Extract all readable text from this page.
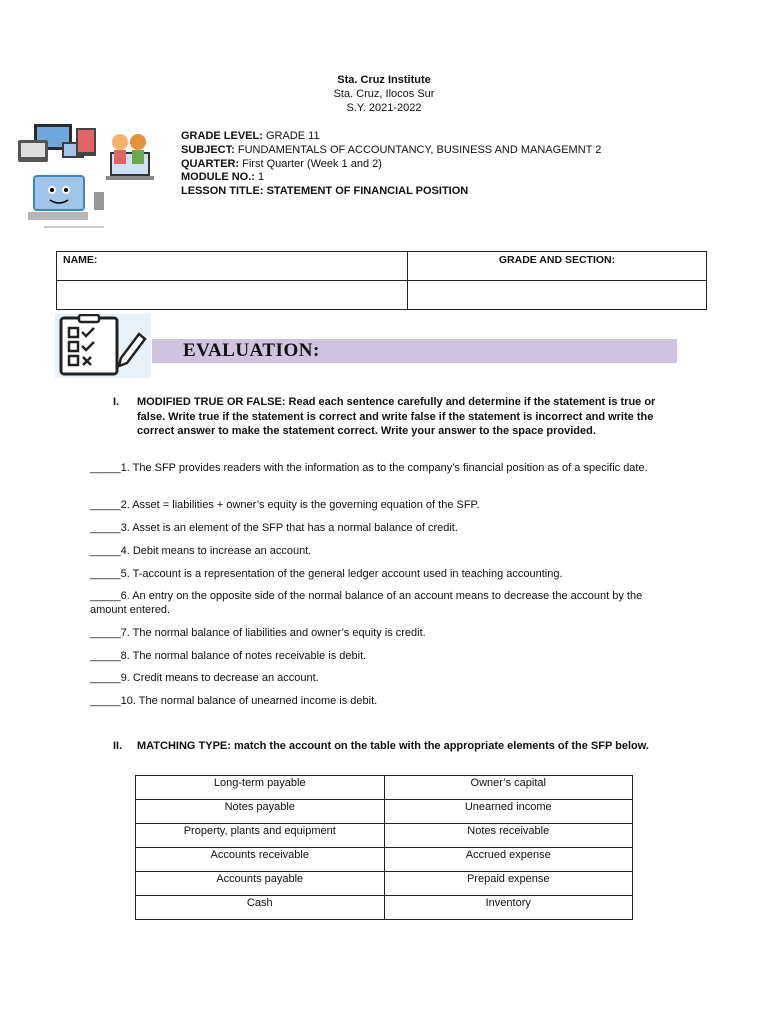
Sta. Cruz Institute
Sta. Cruz, Ilocos Sur
S.Y. 2021-2022
GRADE LEVEL: GRADE 11
SUBJECT: FUNDAMENTALS OF ACCOUNTANCY, BUSINESS AND MANAGEMNT 2
QUARTER: First Quarter (Week 1 and 2)
MODULE NO.: 1
LESSON TITLE: STATEMENT OF FINANCIAL POSITION
NAME:	GRADE AND SECTION:

EVALUATION:
I. MODIFIED TRUE OR FALSE: Read each sentence carefully and determine if the statement is true or false. Write true if the statement is correct and write false if the statement is incorrect and write the correct answer to make the statement correct. Write your answer to the space provided.
_____1. The SFP provides readers with the information as to the company’s financial position as of a specific date.
_____2. Asset = liabilities + owner’s equity is the governing equation of the SFP.
_____3. Asset is an element of the SFP that has a normal balance of credit.
_____4. Debit means to increase an account.
_____5. T-account is a representation of the general ledger account used in teaching accounting.
_____6. An entry on the opposite side of the normal balance of an account means to decrease the account by the amount entered.
_____7. The normal balance of liabilities and owner’s equity is credit.
_____8. The normal balance of notes receivable is debit.
_____9. Credit means to decrease an account.
_____10. The normal balance of unearned income is debit.
II. MATCHING TYPE: match the account on the table with the appropriate elements of the SFP below.
Long-term payable	Owner’s capital
Notes payable	Unearned income
Property, plants and equipment	Notes receivable
Accounts receivable	Accrued expense
Accounts payable	Prepaid expense
Cash	Inventory
